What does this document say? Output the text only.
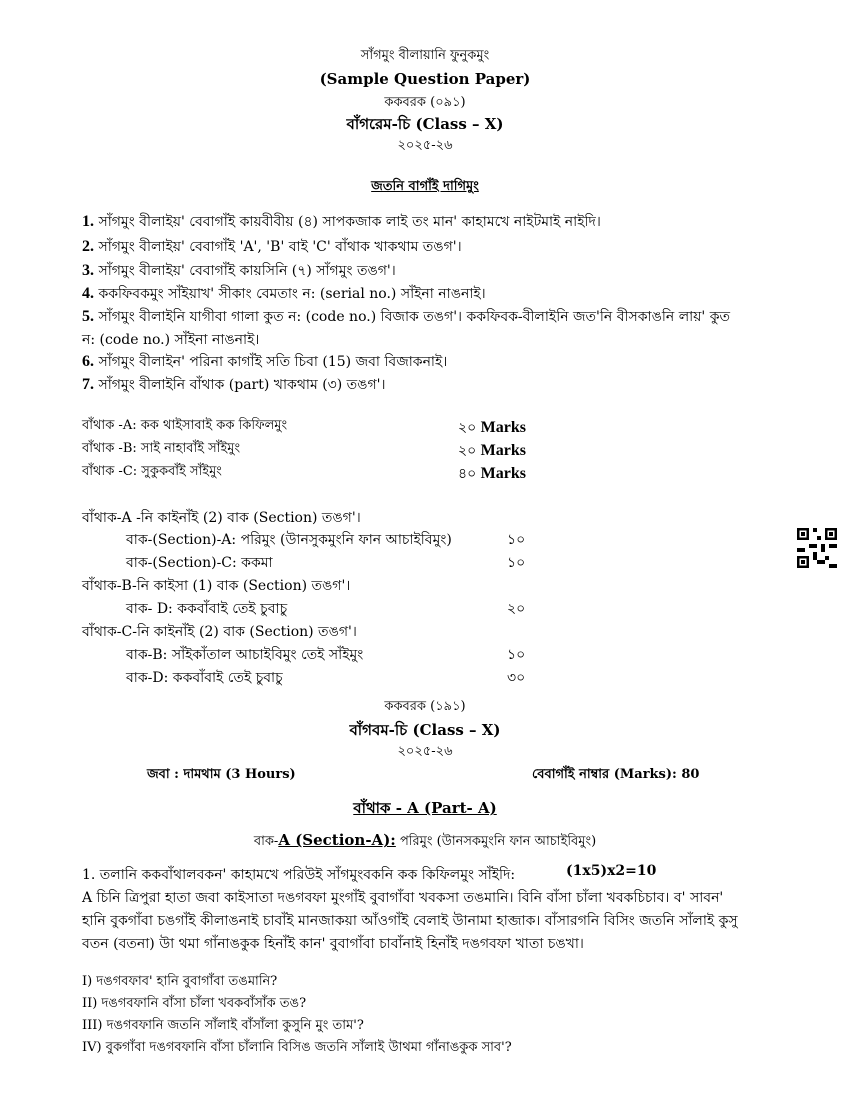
সাঁগমুং বীলায়ানি ফুনুকমুং
(Sample Question Paper)
ককবরক (০৯১)
বাঁগরেম-চি (Class – X)
২০২৫-২৬
জতনি বাগাঁই দাগিমুং
1. সাঁগমুং বীলাইয়' বেবাগাঁই কায়বীবীয় (৪) সাপকজাক লাই তং মান' কাহামখে নাইটমাই নাইদি।
2. সাঁগমুং বীলাইয়' বেবাগাঁই 'A', 'B' বাই 'C' বাঁথাক খাকথাম তঙগ'।
3. সাঁগমুং বীলাইয়' বেবাগাঁই কায়সিনি (৭) সাঁগমুং তঙগ'।
4. ককফিবকমুং সাঁইয়াখ' সীকাং বেমতাং ন: (serial no.) সাঁইনা নাঙনাই।
5. সাঁগমুং বীলাইনি যাগীবা গালা কুত ন: (code no.) বিজাক তঙগ'। ককফিবক-বীলাইনি জত'নি বীসকাঙনি লায়' কুত
ন: (code no.) সাঁইনা নাঙনাই।
6. সাঁগমুং বীলাইন' পরিনা কাগাঁই সতি চিবা (15) জবা বিজাকনাই।
7. সাঁগমুং বীলাইনি বাঁথাক (part) খাকথাম (৩) তঙগ'।
বাঁথাক -A: কক থাইসাবাই কক কিফিলমুং	২০ Marks
বাঁথাক -B: সাই নাহাবাঁই সাঁইমুং	২০ Marks
বাঁথাক -C: সুকুকবাঁই সাঁইমুং	৪০ Marks
বাঁথাক-A -নি কাইনাঁই (2) বাক (Section) তঙগ'।
বাক-(Section)-A: পরিমুং (উানসুকমুংনি ফান আচাইবিমুং)	১০
বাক-(Section)-C: ককমা	১০
বাঁথাক-B-নি কাইসা (1) বাক (Section) তঙগ'।
বাক- D: ককবাঁবাই তেই চুবাচু	২০
বাঁথাক-C-নি কাইনাঁই (2) বাক (Section) তঙগ'।
বাক-B: সাঁইকাঁতাল আচাইবিমুং তেই সাঁইমুং	১০
বাক-D: ককবাঁবাই তেই চুবাচু	৩০
ককবরক (১৯১)
বাঁগবম-চি (Class – X)
২০২৫-২৬
জবা : দামথাম (3 Hours)	বেবাগাঁই নাম্বার (Marks): 80
বাঁথাক - A (Part- A)
বাক-A (Section-A): পরিমুং (উানসকমুংনি ফান আচাইবিমুং)
1. তলানি ককবাঁথালবকন' কাহামখে পরিউই সাঁগমুংবকনি কক কিফিলমুং সাঁইদি:	(1x5)x2=10
A চিনি ত্রিপুরা হাতা জবা কাইসাতা দঙগবফা মুংগাঁই বুবাগাঁবা খবকসা তঙমানি। বিনি বাঁসা চাঁলা খবকচিচাব। ব' সাবন'
হানি বুকগাঁবা চঙগাঁই কীলাঙনাই চাবাঁই মানজাকয়া আঁওগাঁই বেলাই উানামা হাব্জাক। বাঁসারগনি বিসিং জতনি সাঁলাই কুসু
বতন (বতনা) উা থমা গাঁনাঙকুক হিনাঁই কান' বুবাগাঁবা চাবাঁনাই হিনাঁই দঙগবফা খাতা চঙখা।
I) দঙগবফাব' হানি বুবাগাঁবা তঙমানি?
II) দঙগবফানি বাঁসা চাঁলা খবকবাঁসাঁক তঙ?
III) দঙগবফানি জতনি সাঁলাই বাঁসাঁলা কুসুনি মুং তাম'?
IV) বুকগাঁবা দঙগবফানি বাঁসা চাঁলানি বিসিঙ জতনি সাঁলাই উাথমা গাঁনাঙকুক সাব'?
